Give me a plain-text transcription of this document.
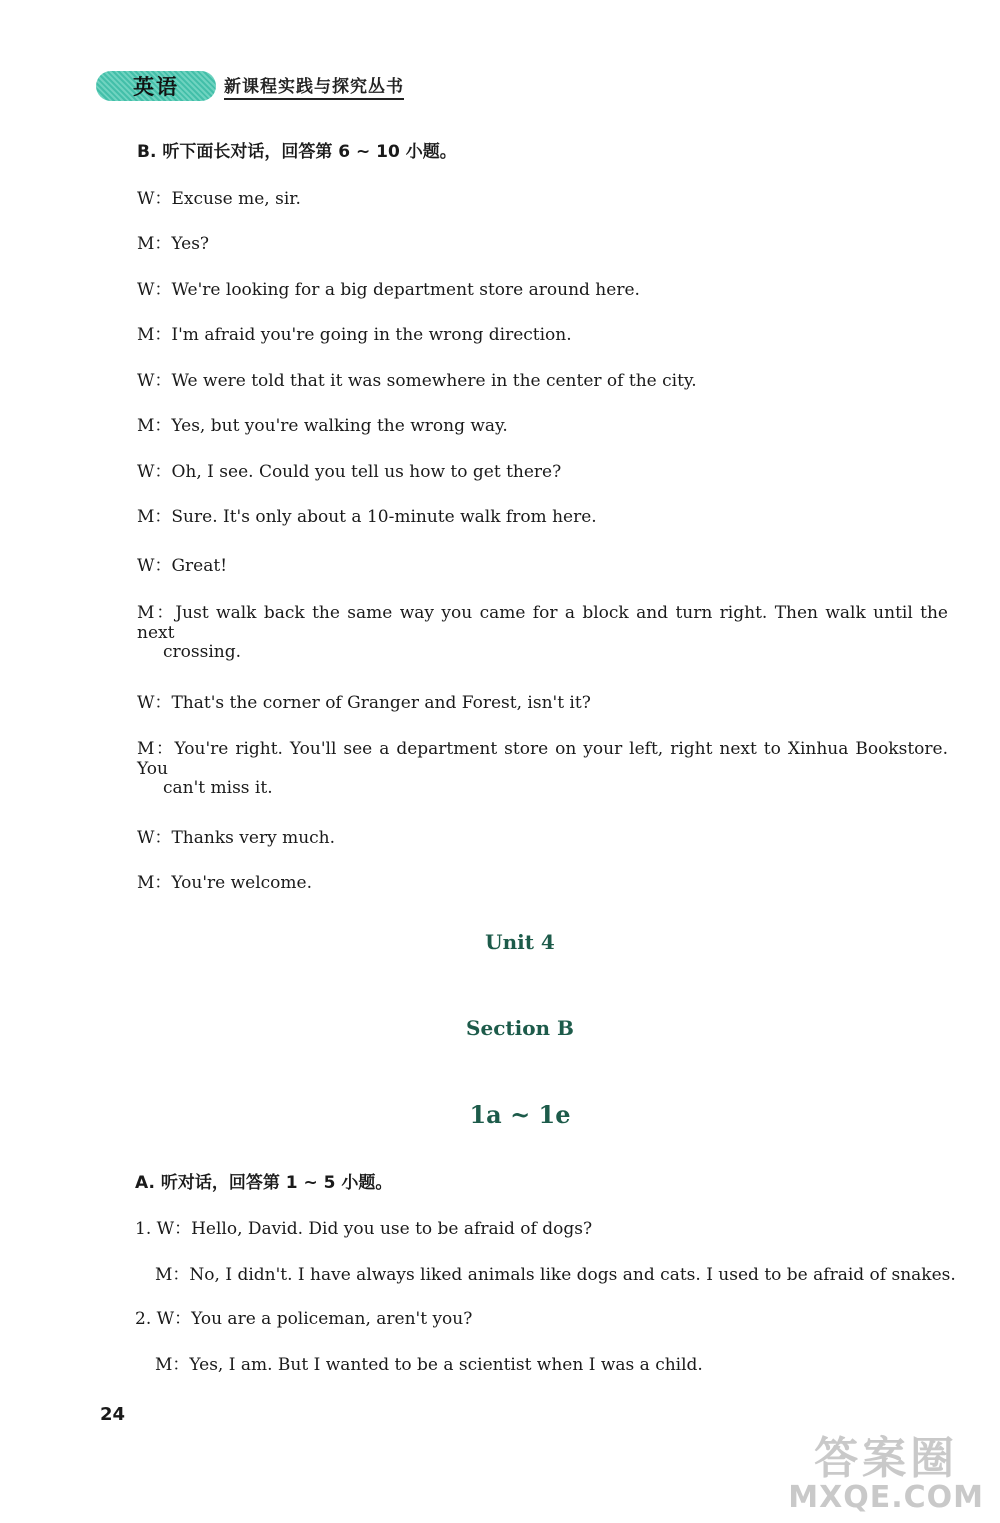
英语	新课程实践与探究丛书
B. 听下面长对话，回答第 6 ~ 10 小题。
W：Excuse me, sir.
M：Yes?
W：We're looking for a big department store around here.
M：I'm afraid you're going in the wrong direction.
W：We were told that it was somewhere in the center of the city.
M：Yes, but you're walking the wrong way.
W：Oh, I see. Could you tell us how to get there?
M：Sure. It's only about a 10-minute walk from here.
W：Great!
M：Just walk back the same way you came for a block and turn right. Then walk until the next
crossing.
W：That's the corner of Granger and Forest, isn't it?
M：You're right. You'll see a department store on your left, right next to Xinhua Bookstore. You
can't miss it.
W：Thanks very much.
M：You're welcome.
Unit 4
Section B
1a ~ 1e
A. 听对话，回答第 1 ~ 5 小题。
1. W：Hello, David. Did you use to be afraid of dogs?
M：No, I didn't. I have always liked animals like dogs and cats. I used to be afraid of snakes.
2. W：You are a policeman, aren't you?
M：Yes, I am. But I wanted to be a scientist when I was a child.
24
答案圈
MXQE.COM
